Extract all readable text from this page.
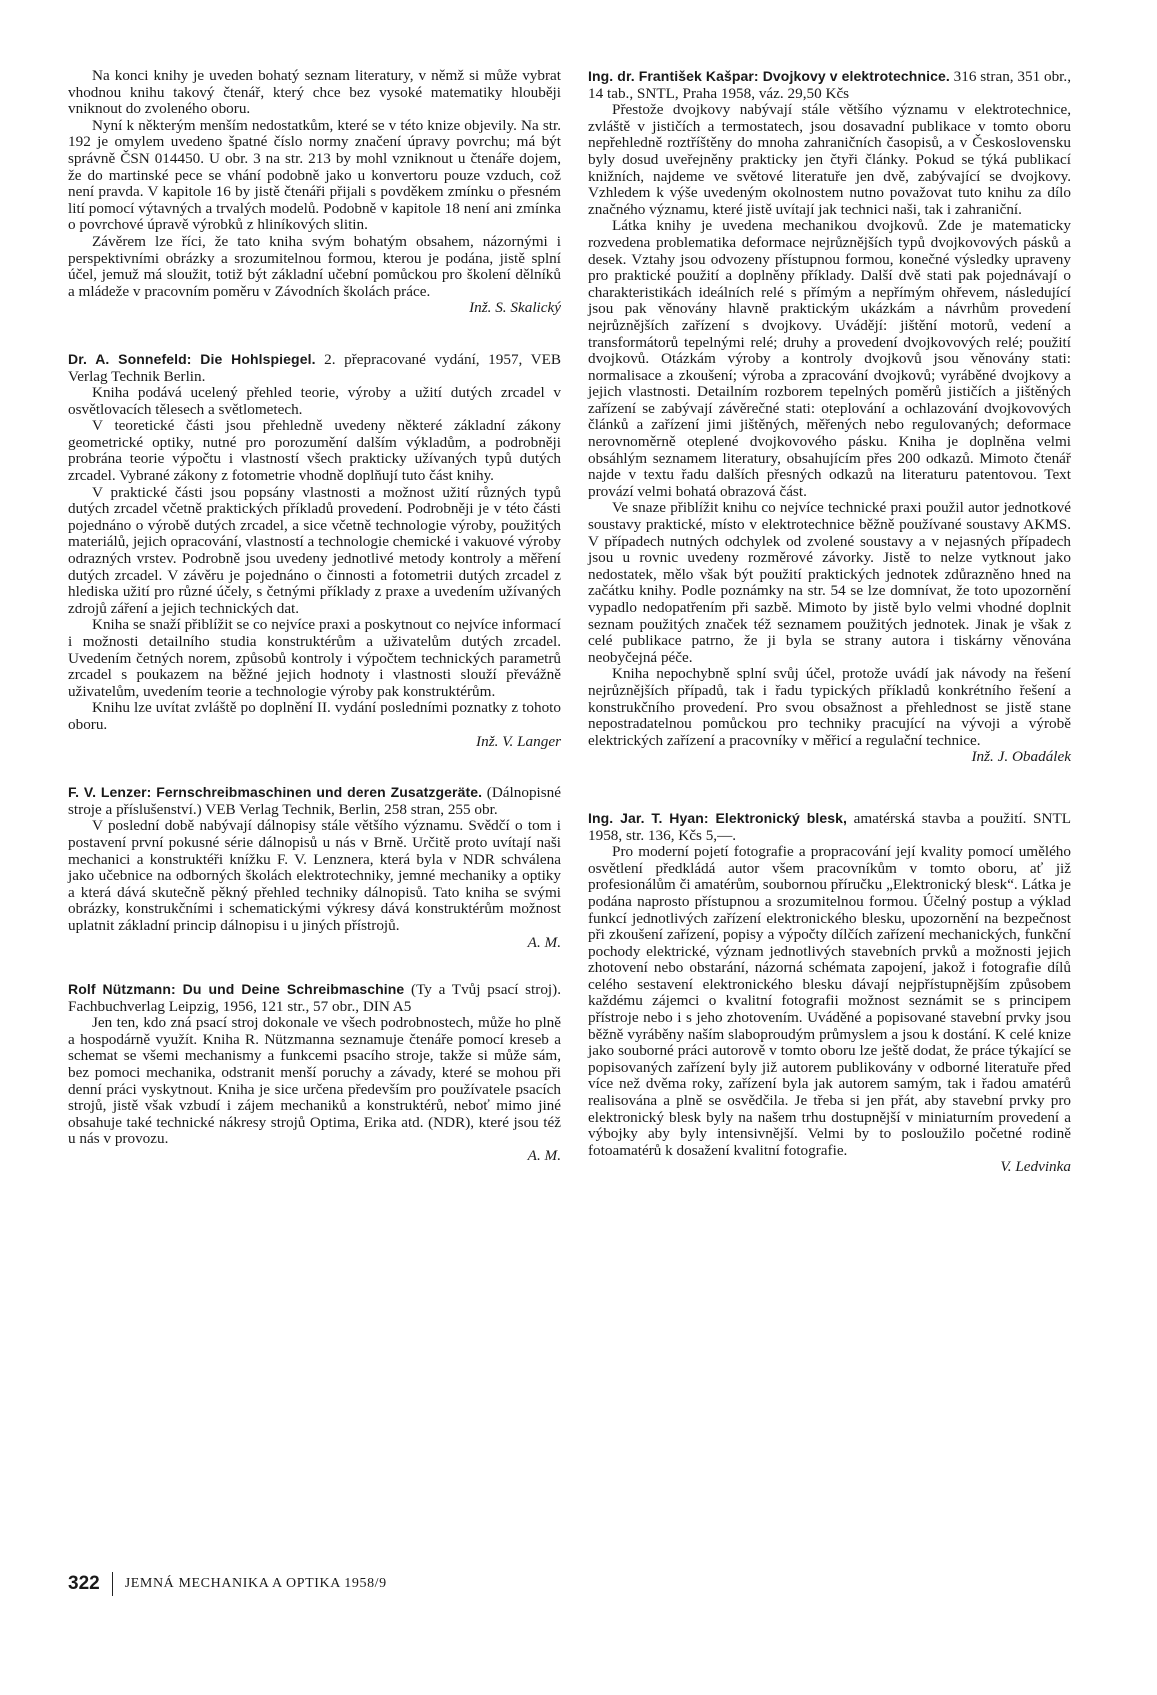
Na konci knihy je uveden bohatý seznam literatury, v němž si může vybrat vhodnou knihu takový čtenář, který chce bez vysoké matematiky hlouběji vniknout do zvoleného oboru.

Nyní k některým menším nedostatkům, které se v této knize objevily. Na str. 192 je omylem uvedeno špatné číslo normy značení úpravy povrchu; má být správně ČSN 014450. U obr. 3 na str. 213 by mohl vzniknout u čtenáře dojem, že do martinské pece se vhání podobně jako u konvertoru pouze vzduch, což není pravda. V kapitole 16 by jistě čtenáři přijali s povděkem zmínku o přesném lití pomocí výtavných a trvalých modelů. Podobně v kapitole 18 není ani zmínka o povrchové úpravě výrobků z hliníkových slitin.

Závěrem lze říci, že tato kniha svým bohatým obsahem, názornými i perspektivními obrázky a srozumitelnou formou, kterou je podána, jistě splní účel, jemuž má sloužit, totiž být základní učební pomůckou pro školení dělníků a mládeže v pracovním poměru v Závodních školách práce.

Inž. S. Skalický

Dr. A. Sonnefeld: Die Hohlspiegel. 2. přepracované vydání, 1957, VEB Verlag Technik Berlin.

Kniha podává ucelený přehled teorie, výroby a užití dutých zrcadel v osvětlovacích tělesech a světlometech.

V teoretické části jsou přehledně uvedeny některé základní zákony geometrické optiky, nutné pro porozumění dalším výkladům, a podrobněji probrána teorie výpočtu i vlastností všech prakticky užívaných typů dutých zrcadel. Vybrané zákony z fotometrie vhodně doplňují tuto část knihy.

V praktické části jsou popsány vlastnosti a možnost užití různých typů dutých zrcadel včetně praktických příkladů provedení. Podrobněji je v této části pojednáno o výrobě dutých zrcadel, a sice včetně technologie výroby, použitých materiálů, jejich opracování, vlastností a technologie chemické i vakuové výroby odrazných vrstev. Podrobně jsou uvedeny jednotlivé metody kontroly a měření dutých zrcadel. V závěru je pojednáno o činnosti a fotometrii dutých zrcadel z hlediska užití pro různé účely, s četnými příklady z praxe a uvedením užívaných zdrojů záření a jejich technických dat.

Kniha se snaží přiblížit se co nejvíce praxi a poskytnout co nejvíce informací i možnosti detailního studia konstruktérům a uživatelům dutých zrcadel. Uvedením četných norem, způsobů kontroly i výpočtem technických parametrů zrcadel s poukazem na běžné jejich hodnoty i vlastnosti slouží převážně uživatelům, uvedením teorie a technologie výroby pak konstruktérům.

Knihu lze uvítat zvláště po doplnění II. vydání posledními poznatky z tohoto oboru.

Inž. V. Langer

F. V. Lenzer: Fernschreibmaschinen und deren Zusatzgeräte. (Dálnopisné stroje a příslušenství.) VEB Verlag Technik, Berlin, 258 stran, 255 obr.

V poslední době nabývají dálnopisy stále většího významu. Svědčí o tom i postavení první pokusné série dálnopisů u nás v Brně. Určitě proto uvítají naši mechanici a konstruktéři knížku F. V. Lenznera, která byla v NDR schválena jako učebnice na odborných školách elektrotechniky, jemné mechaniky a optiky a která dává skutečně pěkný přehled techniky dálnopisů. Tato kniha se svými obrázky, konstrukčními i schematickými výkresy dává konstruktérům možnost uplatnit základní princip dálnopisu i u jiných přístrojů.

A. M.

Rolf Nützmann: Du und Deine Schreibmaschine (Ty a Tvůj psací stroj). Fachbuchverlag Leipzig, 1956, 121 str., 57 obr., DIN A5

Jen ten, kdo zná psací stroj dokonale ve všech podrobnostech, může ho plně a hospodárně využít. Kniha R. Nützmanna seznamuje čtenáře pomocí kreseb a schemat se všemi mechanismy a funkcemi psacího stroje, takže si může sám, bez pomoci mechanika, odstranit menší poruchy a závady, které se mohou při denní práci vyskytnout. Kniha je sice určena především pro používatele psacích strojů, jistě však vzbudí i zájem mechaniků a konstruktérů, neboť mimo jiné obsahuje také technické nákresy strojů Optima, Erika atd. (NDR), které jsou též u nás v provozu.

A. M.

Ing. dr. František Kašpar: Dvojkovy v elektrotechnice. 316 stran, 351 obr., 14 tab., SNTL, Praha 1958, váz. 29,50 Kčs

Přestože dvojkovy nabývají stále většího významu v elektrotechnice, zvláště v jističích a termostatech, jsou dosavadní publikace v tomto oboru nepřehledně roztříštěny do mnoha zahraničních časopisů, a v Československu byly dosud uveřejněny prakticky jen čtyři články. Pokud se týká publikací knižních, najdeme ve světové literatuře jen dvě, zabývající se dvojkovy. Vzhledem k výše uvedeným okolnostem nutno považovat tuto knihu za dílo značného významu, které jistě uvítají jak technici naši, tak i zahraniční.

Látka knihy je uvedena mechanikou dvojkovů. Zde je matematicky rozvedena problematika deformace nejrůznějších typů dvojkovových pásků a desek. Vztahy jsou odvozeny přístupnou formou, konečné výsledky upraveny pro praktické použití a doplněny příklady. Další dvě stati pak pojednávají o charakteristikách ideálních relé s přímým a nepřímým ohřevem, následující jsou pak věnovány hlavně praktickým ukázkám a návrhům provedení nejrůznějších zařízení s dvojkovy. Uvádějí: jištění motorů, vedení a transformátorů tepelnými relé; druhy a provedení dvojkovových relé; použití dvojkovů. Otázkám výroby a kontroly dvojkovů jsou věnovány stati: normalisace a zkoušení; výroba a zpracování dvojkovů; vyráběné dvojkovy a jejich vlastnosti. Detailním rozborem tepelných poměrů jističích a jištěných zařízení se zabývají závěrečné stati: oteplování a ochlazování dvojkovových článků a zařízení jimi jištěných, měřených nebo regulovaných; deformace nerovnoměrně oteplené dvojkovového pásku. Kniha je doplněna velmi obsáhlým seznamem literatury, obsahujícím přes 200 odkazů. Mimoto čtenář najde v textu řadu dalších přesných odkazů na literaturu patentovou. Text provází velmi bohatá obrazová část.

Ve snaze přiblížit knihu co nejvíce technické praxi použil autor jednotkové soustavy praktické, místo v elektrotechnice běžně používané soustavy AKMS. V případech nutných odchylek od zvolené soustavy a v nejasných případech jsou u rovnic uvedeny rozměrové závorky. Jistě to nelze vytknout jako nedostatek, mělo však být použití praktických jednotek zdůrazněno hned na začátku knihy. Podle poznámky na str. 54 se lze domnívat, že toto upozornění vypadlo nedopatřením při sazbě. Mimoto by jistě bylo velmi vhodné doplnit seznam použitých značek též seznamem použitých jednotek. Jinak je však z celé publikace patrno, že ji byla se strany autora i tiskárny věnována neobyčejná péče.

Kniha nepochybně splní svůj účel, protože uvádí jak návody na řešení nejrůznějších případů, tak i řadu typických příkladů konkrétního řešení a konstrukčního provedení. Pro svou obsažnost a přehlednost se jistě stane nepostradatelnou pomůckou pro techniky pracující na vývoji a výrobě elektrických zařízení a pracovníky v měřicí a regulační technice.

Inž. J. Obadálek

Ing. Jar. T. Hyan: Elektronický blesk, amatérská stavba a použití. SNTL 1958, str. 136, Kčs 5,—.

Pro moderní pojetí fotografie a propracování její kvality pomocí umělého osvětlení předkládá autor všem pracovníkům v tomto oboru, ať již profesionálům či amatérům, soubornou příručku „Elektronický blesk“. Látka je podána naprosto přístupnou a srozumitelnou formou. Účelný postup a výklad funkcí jednotlivých zařízení elektronického blesku, upozornění na bezpečnost při zkoušení zařízení, popisy a výpočty dílčích zařízení mechanických, funkční pochody elektrické, význam jednotlivých stavebních prvků a možnosti jejich zhotovení nebo obstarání, názorná schémata zapojení, jakož i fotografie dílů celého sestavení elektronického blesku dávají nejpřístupnějším způsobem každému zájemci o kvalitní fotografii možnost seznámit se s principem přístroje nebo i s jeho zhotovením. Uváděné a popisované stavební prvky jsou běžně vyráběny naším slaboproudým průmyslem a jsou k dostání. K celé knize jako souborné práci autorově v tomto oboru lze ještě dodat, že práce týkající se popisovaných zařízení byly již autorem publikovány v odborné literatuře před více než dvěma roky, zařízení byla jak autorem samým, tak i řadou amatérů realisována a plně se osvědčila. Je třeba si jen přát, aby stavební prvky pro elektronický blesk byly na našem trhu dostupnější v miniaturním provedení a výbojky aby byly intensivnější. Velmi by to posloužilo početné rodině fotoamatérů k dosažení kvalitní fotografie.

V. Ledvinka

322 JEMNÁ MECHANIKA A OPTIKA 1958/9
